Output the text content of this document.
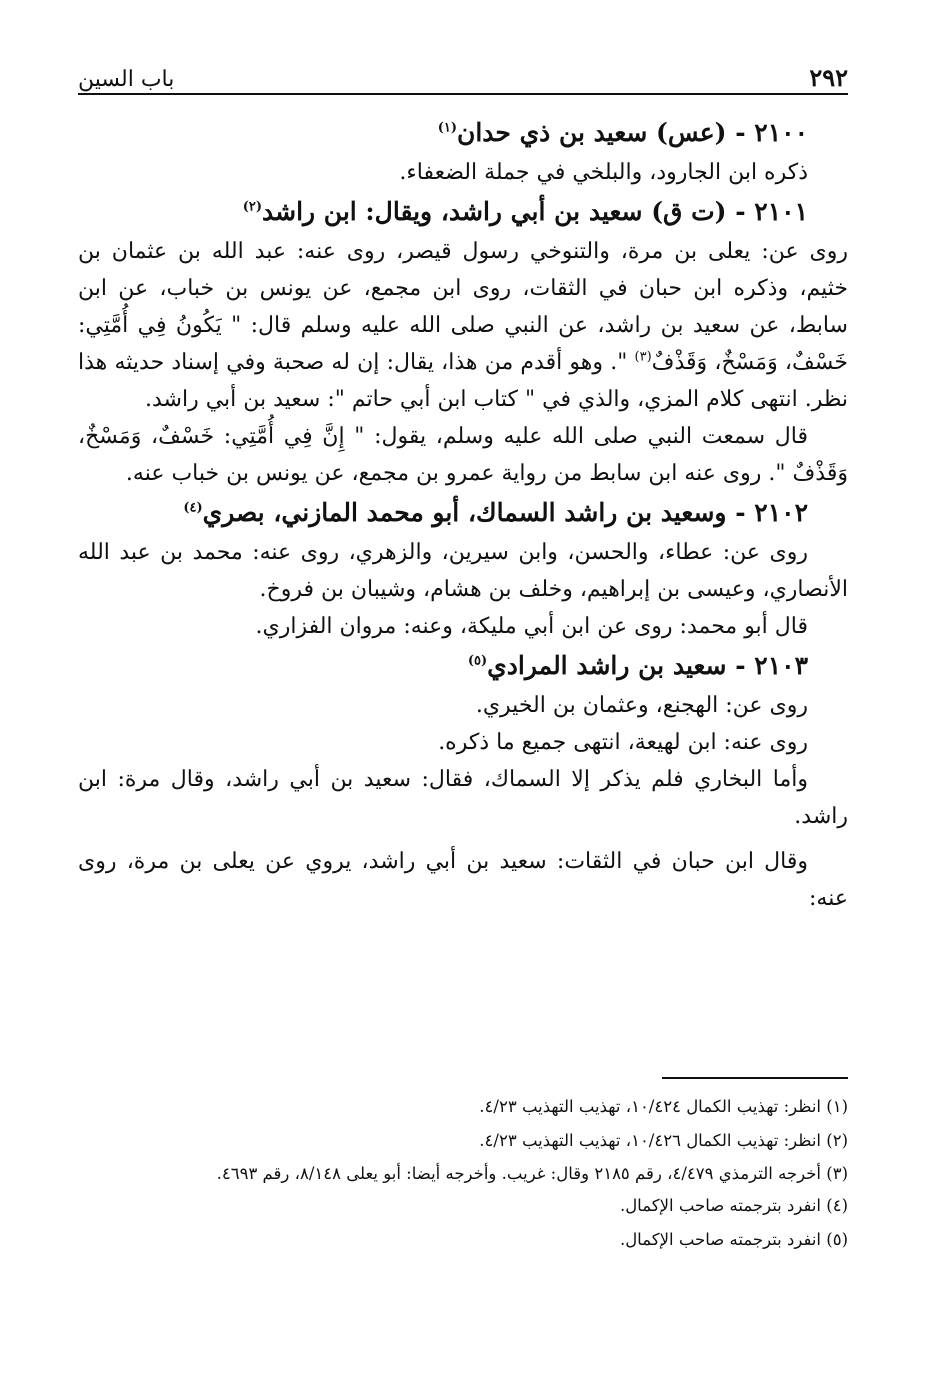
٢٩٢
باب السين

٢١٠٠ - (عس) سعيد بن ذي حدان$^{(١)}$

ذكره ابن الجارود، والبلخي في جملة الضعفاء.

٢١٠١ - (ت ق) سعيد بن أبي راشد، ويقال: ابن راشد$^{(٢)}$

روى عن: يعلى بن مرة، والتنوخي رسول قيصر، روى عنه: عبد الله بن عثمان بن خثيم، وذكره ابن حبان في الثقات، روى ابن مجمع، عن يونس بن خباب، عن ابن سابط، عن سعيد بن راشد، عن النبي صلى الله عليه وسلم قال: " يَكُونُ فِي أُمَّتِي: خَسْفٌ، وَمَسْخٌ، وَقَذْفٌ$^{(٣)}$ ". وهو أقدم من هذا، يقال: إن له صحبة وفي إسناد حديثه هذا نظر. انتهى كلام المزي، والذي في " كتاب ابن أبي حاتم ": سعيد بن أبي راشد.

قال سمعت النبي صلى الله عليه وسلم، يقول: " إِنَّ فِي أُمَّتِي: خَسْفٌ، وَمَسْخٌ، وَقَذْفٌ ". روى عنه ابن سابط من رواية عمرو بن مجمع، عن يونس بن خباب عنه.

٢١٠٢ - وسعيد بن راشد السماك، أبو محمد المازني، بصري$^{(٤)}$

روى عن: عطاء، والحسن، وابن سيرين، والزهري، روى عنه: محمد بن عبد الله الأنصاري، وعيسى بن إبراهيم، وخلف بن هشام، وشيبان بن فروخ.

قال أبو محمد: روى عن ابن أبي مليكة، وعنه: مروان الفزاري.

٢١٠٣ - سعيد بن راشد المرادي$^{(٥)}$

روى عن: الهجنع، وعثمان بن الخيري.

روى عنه: ابن لهيعة، انتهى جميع ما ذكره.

وأما البخاري فلم يذكر إلا السماك، فقال: سعيد بن أبي راشد، وقال مرة: ابن راشد.

وقال ابن حبان في الثقات: سعيد بن أبي راشد، يروي عن يعلى بن مرة، روى عنه:

(١) انظر: تهذيب الكمال ١٠/٤٢٤، تهذيب التهذيب ٤/٢٣.

(٢) انظر: تهذيب الكمال ١٠/٤٢٦، تهذيب التهذيب ٤/٢٣.

(٣) أخرجه الترمذي ٤/٤٧٩، رقم ٢١٨٥ وقال: غريب. وأخرجه أيضا: أبو يعلى ٨/١٤٨، رقم ٤٦٩٣.

(٤) انفرد بترجمته صاحب الإكمال.

(٥) انفرد بترجمته صاحب الإكمال.
